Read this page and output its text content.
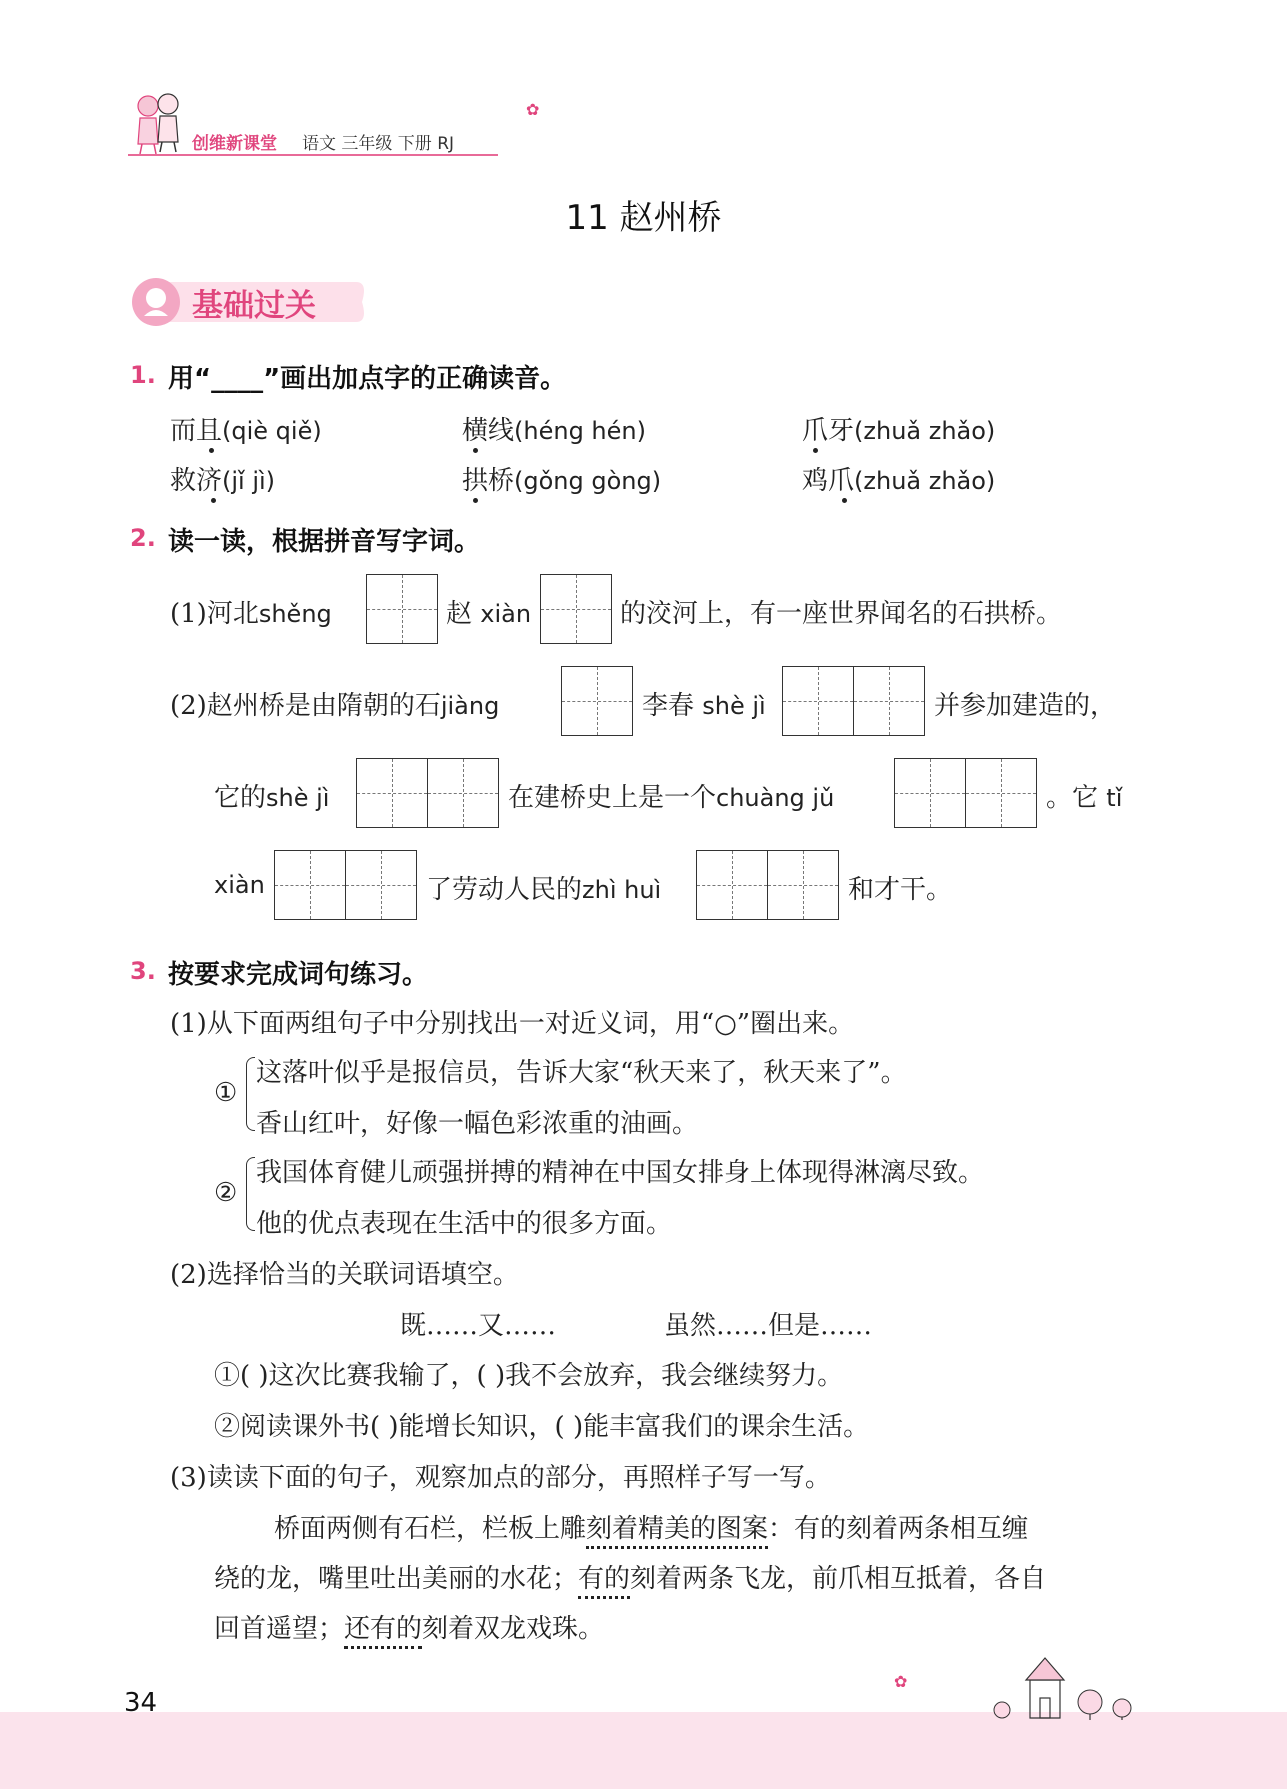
创维新课堂 语文 三年级 下册 RJ
✿
11 赵州桥
基础过关
1. 用“____”画出加点字的正确读音。
而且(qiè qiě)	横线(héng hén)	爪牙(zhuǎ zhǎo)
救济(jǐ jì)	拱桥(gǒng gòng)	鸡爪(zhuǎ zhǎo)
2. 读一读，根据拼音写字词。
(1)河北shěng	赵 xiàn	的洨河上，有一座世界闻名的石拱桥。
(2)赵州桥是由隋朝的石jiàng	李春 shè jì	并参加建造的，
它的shè jì	在建桥史上是一个chuàng jǔ	。它 tǐ
xiàn	了劳动人民的zhì huì	和才干。
3. 按要求完成词句练习。
(1)从下面两组句子中分别找出一对近义词，用“○”圈出来。
①
这落叶似乎是报信员，告诉大家“秋天来了，秋天来了”。
香山红叶，好像一幅色彩浓重的油画。
②
我国体育健儿顽强拼搏的精神在中国女排身上体现得淋漓尽致。
他的优点表现在生活中的很多方面。
(2)选择恰当的关联词语填空。
既……又……	虽然……但是……
①( )这次比赛我输了，( )我不会放弃，我会继续努力。
②阅读课外书( )能增长知识，( )能丰富我们的课余生活。
(3)读读下面的句子，观察加点的部分，再照样子写一写。
桥面两侧有石栏，栏板上雕刻着精美的图案：有的刻着两条相互缠
绕的龙，嘴里吐出美丽的水花；有的刻着两条飞龙，前爪相互抵着，各自
回首遥望；还有的刻着双龙戏珠。
34
✿
